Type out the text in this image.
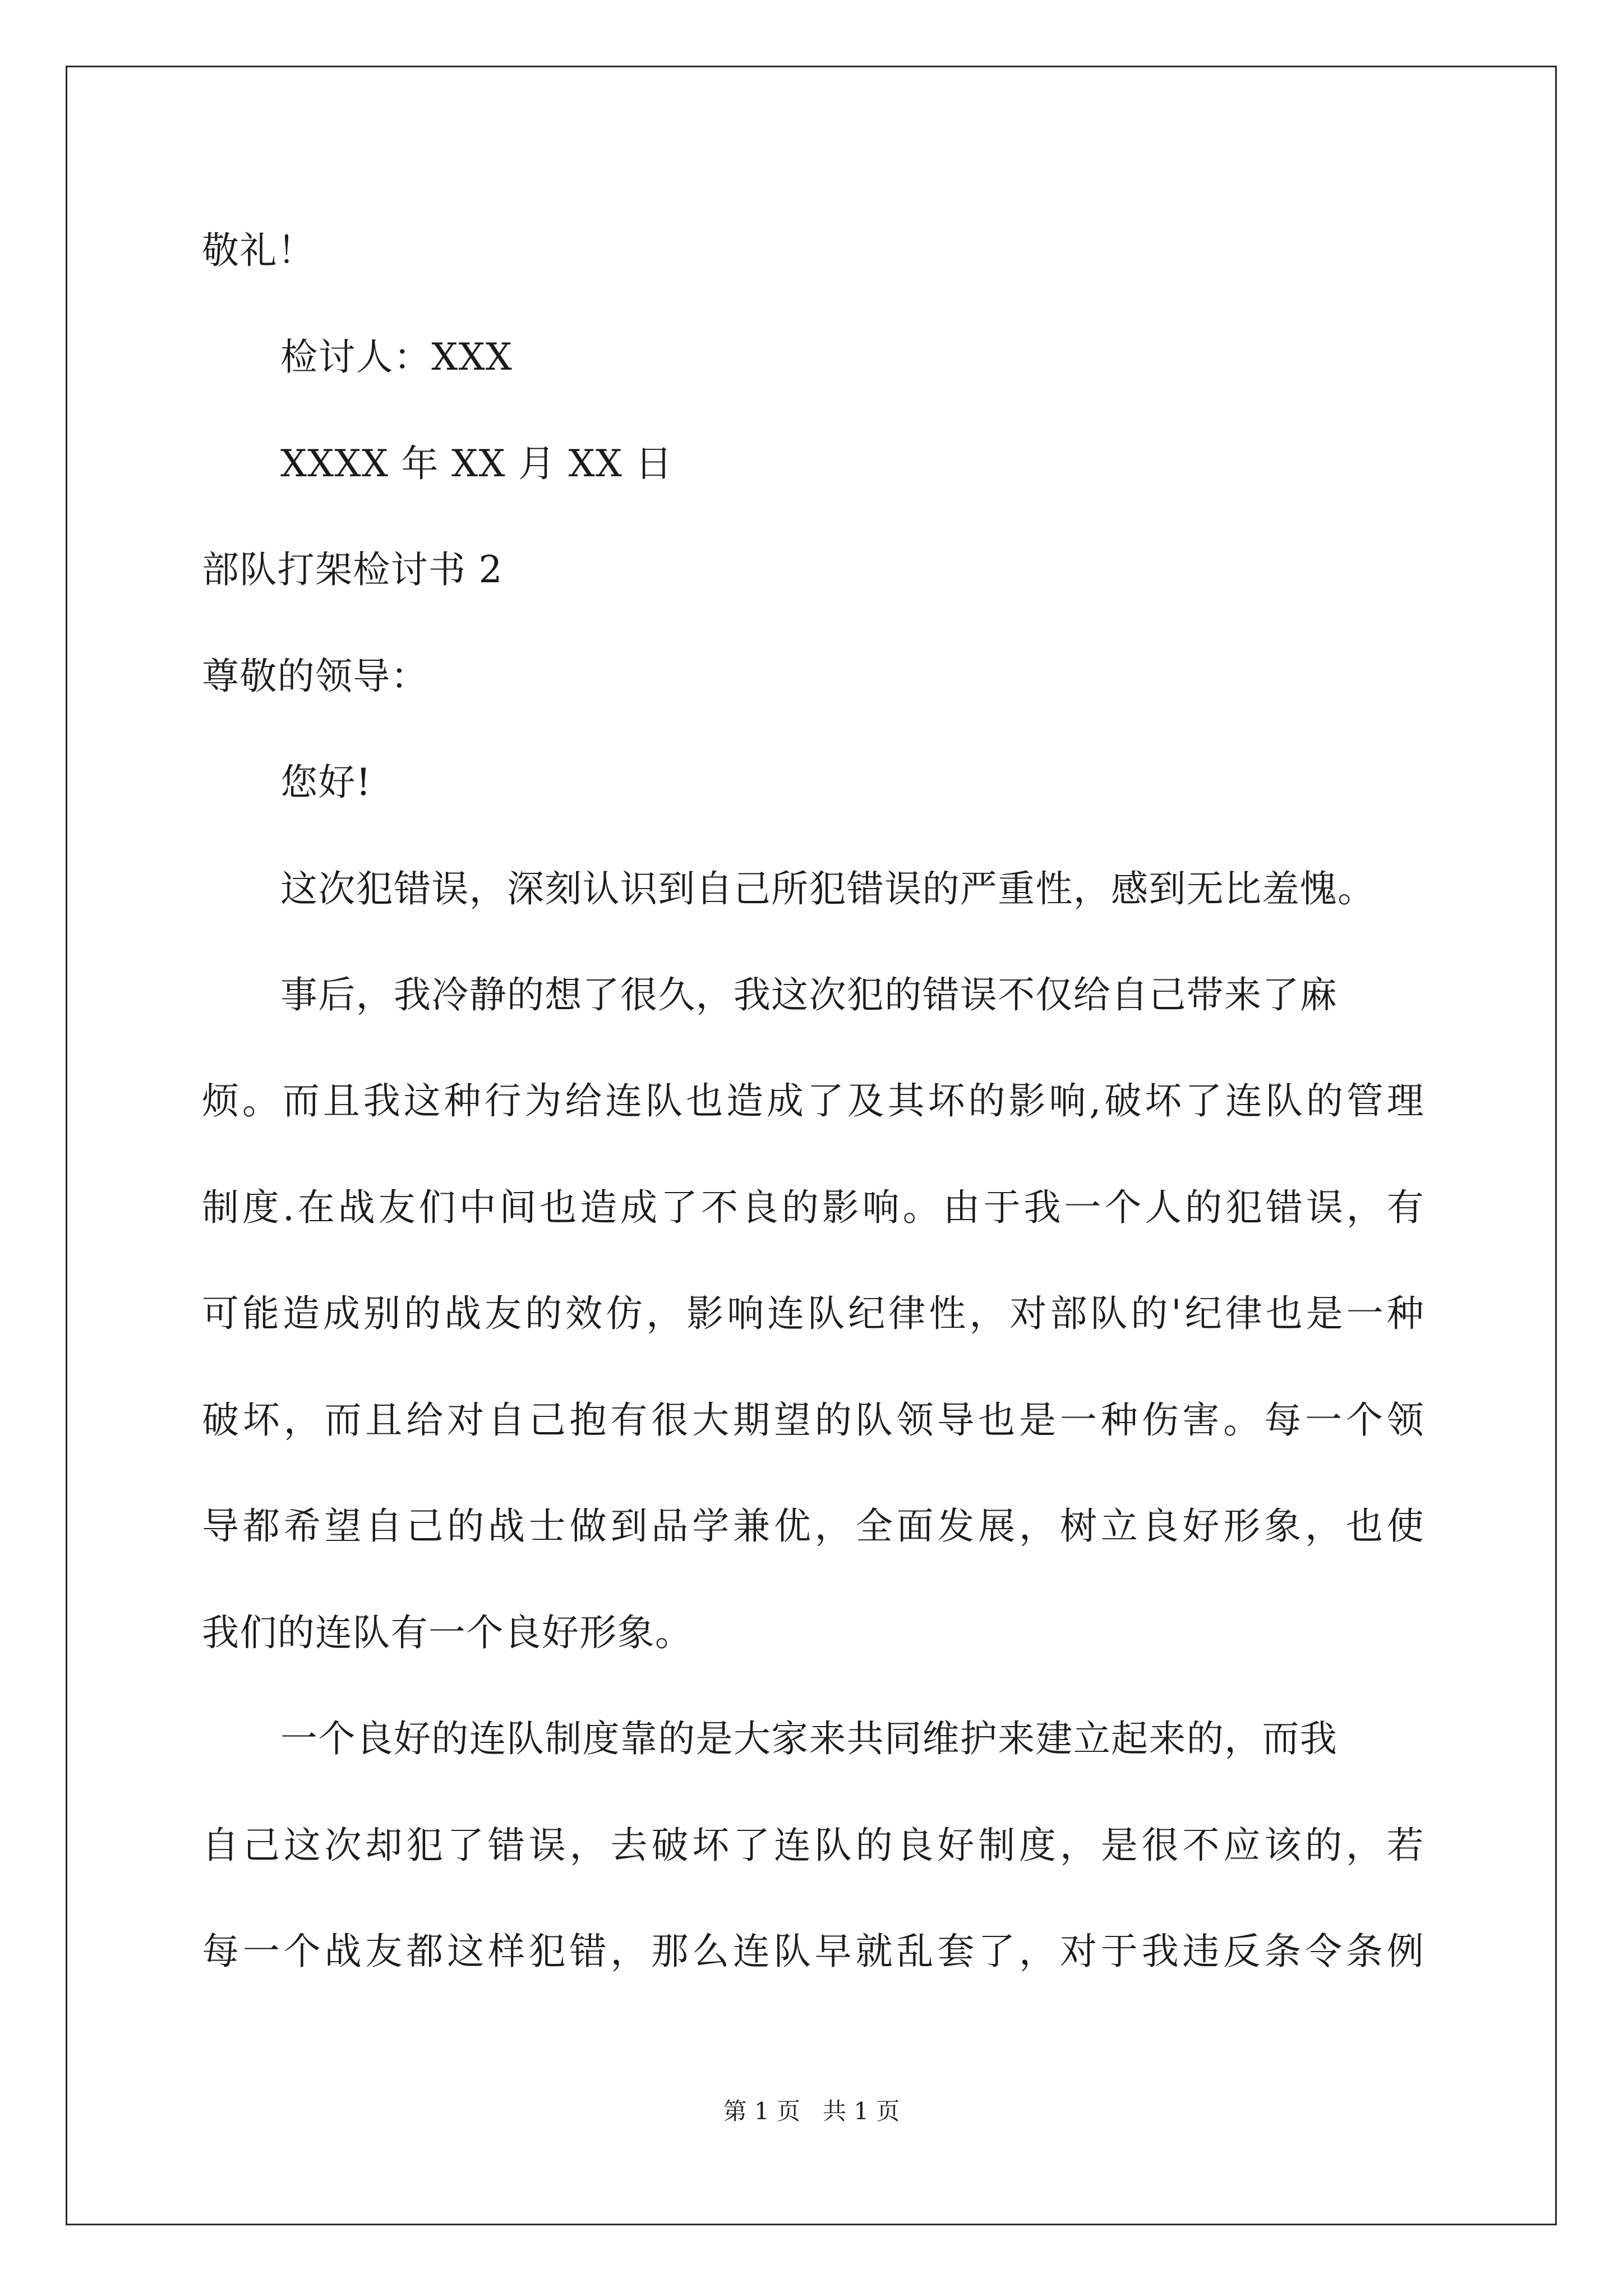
敬礼！
检讨人：XXX
XXXX 年 XX 月 XX 日
部队打架检讨书 2
尊敬的领导：
您好!
这次犯错误，深刻认识到自己所犯错误的严重性，感到无比羞愧。
事后，我冷静的想了很久，我这次犯的错误不仅给自己带来了麻
烦。而且我这种行为给连队也造成了及其坏的影响,破坏了连队的管理
制度.在战友们中间也造成了不良的影响。由于我一个人的犯错误，有
可能造成别的战友的效仿，影响连队纪律性，对部队的'纪律也是一种
破坏，而且给对自己抱有很大期望的队领导也是一种伤害。每一个领
导都希望自己的战士做到品学兼优，全面发展，树立良好形象，也使
我们的连队有一个良好形象。
一个良好的连队制度靠的是大家来共同维护来建立起来的，而我
自己这次却犯了错误，去破坏了连队的良好制度，是很不应该的，若
每一个战友都这样犯错，那么连队早就乱套了，对于我违反条令条例
第 1 页 共 1 页
